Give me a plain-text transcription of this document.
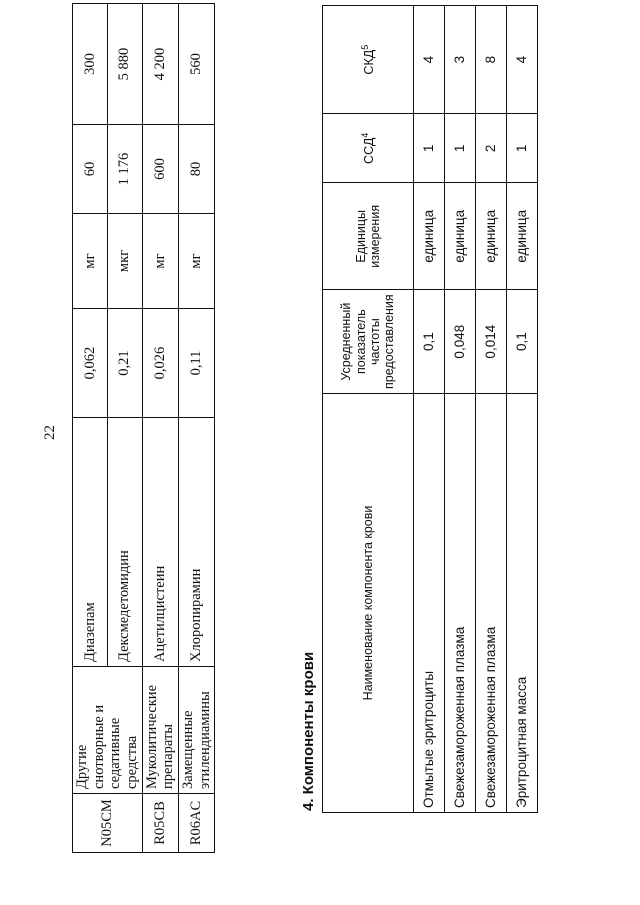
22
N05CM	Другие снотворные и седативные средства	Диазепам	0,062	мг	60	300
		Дексмедетомидин	0,21	мкг	1 176	5 880
R05CB	Муколитические препараты	Ацетилцистеин	0,026	мг	600	4 200
R06AC	Замещенные этилендиамины	Хлоропирамин	0,11	мг	80	560
4. Компоненты крови
Наименование компонента крови	Усредненный показатель частоты предоставления	Единицы измерения	ССД$^4$	СКД$^5$
Отмытые эритроциты	0,1	единица	1	4
Свежезамороженная плазма	0,048	единица	1	3
Свежезамороженная плазма	0,014	единица	2	8
Эритроцитная масса	0,1	единица	1	4
